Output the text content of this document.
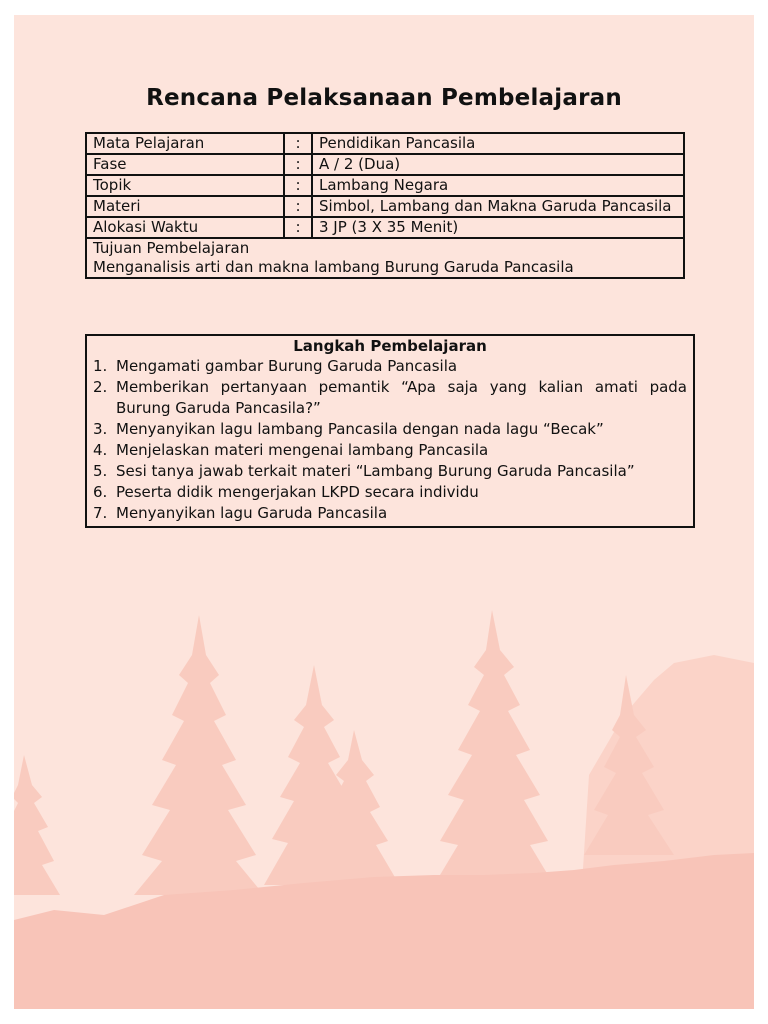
Rencana Pelaksanaan Pembelajaran
Mata Pelajaran	:	Pendidikan Pancasila
Fase	:	A / 2 (Dua)
Topik	:	Lambang Negara
Materi	:	Simbol, Lambang dan Makna Garuda Pancasila
Alokasi Waktu	:	3 JP (3 X 35 Menit)

Tujuan Pembelajaran
Menganalisis arti dan makna lambang Burung Garuda Pancasila		
Langkah Pembelajaran
1. Mengamati gambar Burung Garuda Pancasila
2. Memberikan pertanyaan pemantik “Apa saja yang kalian amati pada Burung Garuda Pancasila?”
3. Menyanyikan lagu lambang Pancasila dengan nada lagu “Becak”
4. Menjelaskan materi mengenai lambang Pancasila
5. Sesi tanya jawab terkait materi “Lambang Burung Garuda Pancasila”
6. Peserta didik mengerjakan LKPD secara individu
7. Menyanyikan lagu Garuda Pancasila
